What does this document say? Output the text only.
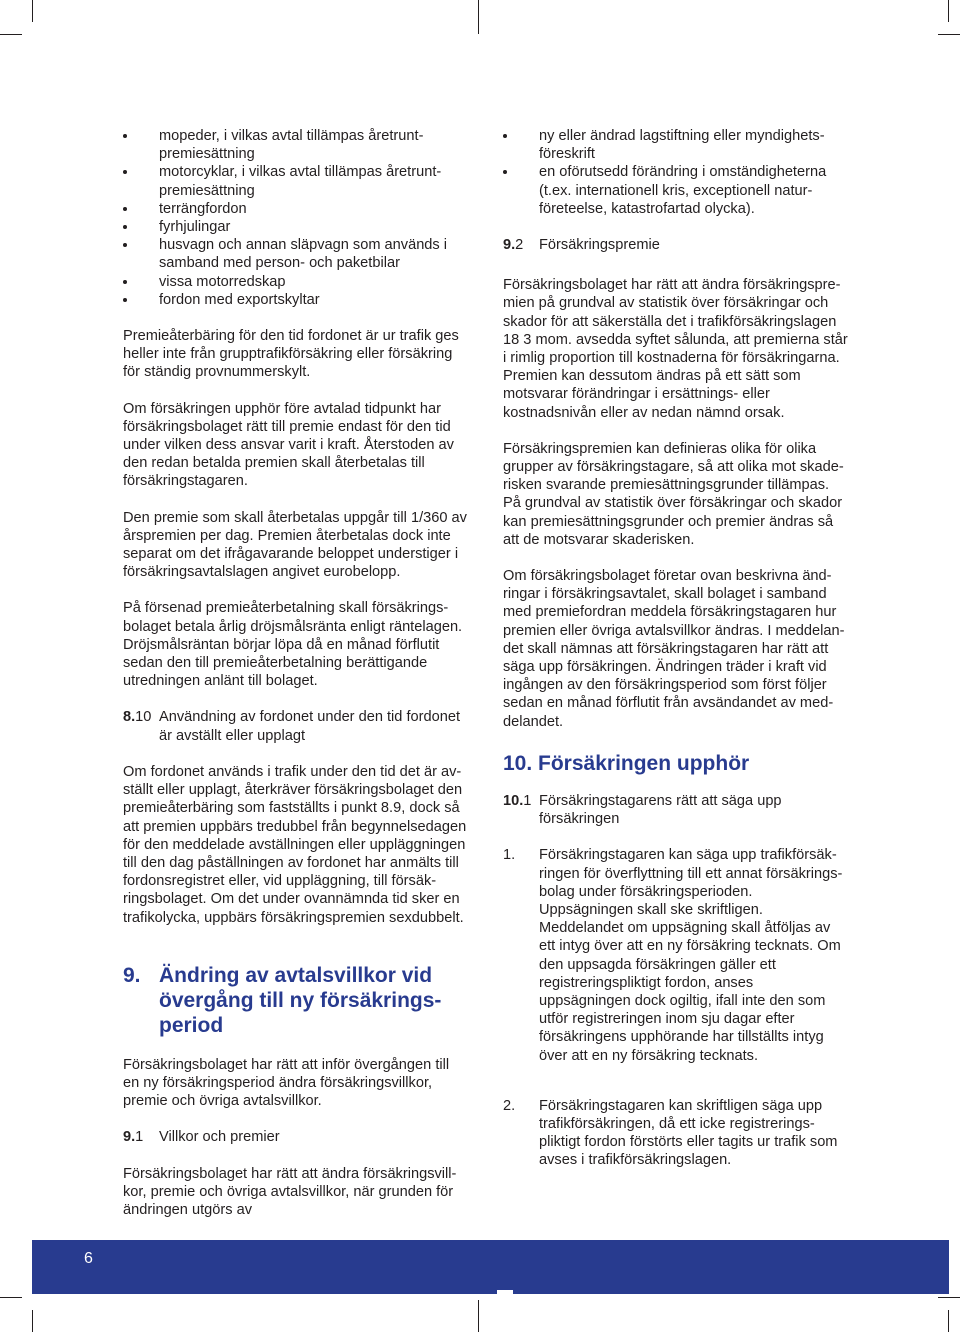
mopeder, i vilkas avtal tillämpas åretruntpremiesättning
motorcyklar, i vilkas avtal tillämpas åretruntpremiesättning
terrängfordon
fyrhjulingar
husvagn och annan släpvagn som används i samband med person- och paketbilar
vissa motorredskap
fordon med exportskyltar

Premieåterbäring för den tid fordonet är ur trafik ges heller inte från grupptrafikförsäkring eller försäkring för ständig provnummerskylt.

Om försäkringen upphör före avtalad tidpunkt har försäkringsbolaget rätt till premie endast för den tid under vilken dess ansvar varit i kraft. Återstoden av den redan betalda premien skall återbetalas till försäkringstagaren.

Den premie som skall återbetalas uppgår till 1/360 av årspremien per dag. Premien återbetalas dock inte separat om det ifrågavarande beloppet understiger i försäkringsavtalslagen angivet eurobelopp.

På försenad premieåterbetalning skall försäkringsbolaget betala årlig dröjsmålsränta enligt räntelagen. Dröjsmålsräntan börjar löpa då en månad förflutit sedan den till premieåterbetalning berättigande utredningen anlänt till bolaget.

8.10 Användning av fordonet under den tid fordonet är avställt eller upplagt

Om fordonet används i trafik under den tid det är avställt eller upplagt, återkräver försäkringsbolaget den premieåterbäring som fastställts i punkt 8.9, dock så att premien uppbärs tredubbel från begynnelsedagen för den meddelade avställningen eller uppläggningen till den dag påställningen av fordonet har anmälts till fordonsregistret eller, vid uppläggning, till försäkringsbolaget. Om det under ovannämnda tid sker en trafikolycka, uppbärs försäkringspremien sexdubbelt.

9. Ändring av avtalsvillkor vid övergång till ny försäkringsperiod

Försäkringsbolaget har rätt att inför övergången till en ny försäkringsperiod ändra försäkringsvillkor, premie och övriga avtalsvillkor.

9.1	Villkor och premier

Försäkringsbolaget har rätt att ändra försäkringsvillkor, premie och övriga avtalsvillkor, när grunden för ändringen utgörs av

ny eller ändrad lagstiftning eller myndighetsföreskrift
en oförutsedd förändring i omständigheterna (t.ex. internationell kris, exceptionell naturföreteelse, katastrofartad olycka).
9.2	Försäkringspremie

Försäkringsbolaget har rätt att ändra försäkringspremien på grundval av statistik över försäkringar och skador för att säkerställa det i trafikförsäkringslagen 18 3 mom. avsedda syftet sålunda, att premierna står i rimlig proportion till kostnaderna för försäkringarna. Premien kan dessutom ändras på ett sätt som motsvarar förändringar i ersättnings- eller kostnadsnivån eller av nedan nämnd orsak.

Försäkringspremien kan definieras olika för olika grupper av försäkringstagare, så att olika mot skaderisken svarande premiesättningsgrunder tillämpas. På grundval av statistik över försäkringar och skador kan premiesättningsgrunder och premier ändras så att de motsvarar skaderisken.

Om försäkringsbolaget företar ovan beskrivna ändringar i försäkringsavtalet, skall bolaget i samband med premiefordran meddela försäkringstagaren hur premien eller övriga avtalsvillkor ändras. I meddelandet skall nämnas att försäkringstagaren har rätt att säga upp försäkringen. Ändringen träder i kraft vid ingången av den försäkringsperiod som först följer sedan en månad förflutit från avsändandet av meddelandet.

10. Försäkringen upphör
10.1 Försäkringstagarens rätt att säga upp försäkringen
1.	Försäkringstagaren kan säga upp trafikförsäkringen för överflyttning till ett annat försäkringsbolag under försäkringsperioden. Uppsägningen skall ske skriftligen. Meddelandet om uppsägning skall åtföljas av ett intyg över att en ny försäkring tecknats. Om den uppsagda försäkringen gäller ett registreringspliktigt fordon, anses uppsägningen dock ogiltig, ifall inte den som utför registreringen inom sju dagar efter försäkringens upphörande har tillställts intyg över att en ny försäkring tecknats.
2.	Försäkringstagaren kan skriftligen säga upp trafikförsäkringen, då ett icke registreringspliktigt fordon förstörts eller tagits ur trafik som avses i trafikförsäkringslagen.
6
